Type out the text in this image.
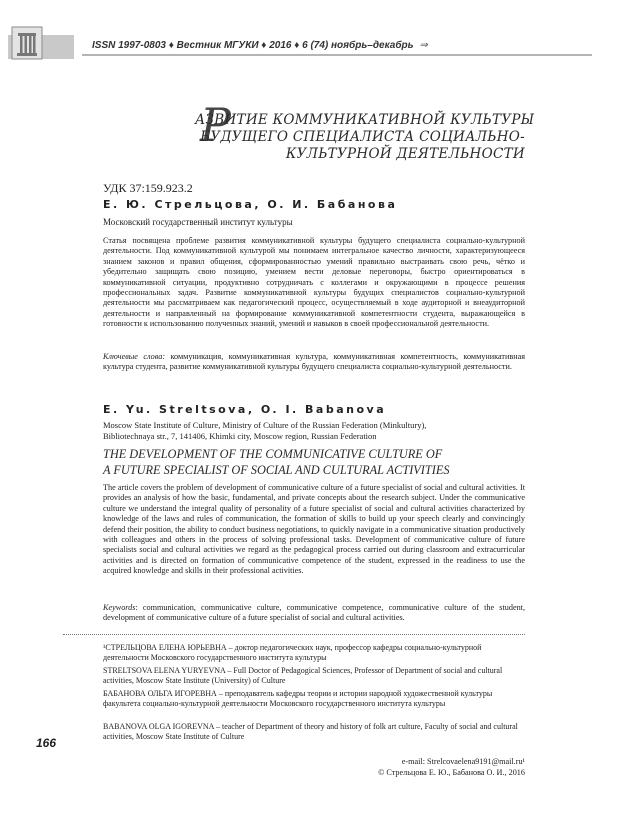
ISSN 1997-0803 ♦ Вестник МГУКИ ♦ 2016 ♦ 6 (74) ноябрь–декабрь ⇒
Р
АЗВИТИЕ КОММУНИКАТИВНОЙ КУЛЬТУРЫ
БУДУЩЕГО СПЕЦИАЛИСТА СОЦИАЛЬНО-
КУЛЬТУРНОЙ ДЕЯТЕЛЬНОСТИ
УДК 37:159.923.2
Е. Ю. Стрельцова, О. И. Бабанова
Московский государственный институт культуры

Статья посвящена проблеме развития коммуникативной культуры будущего специалиста социально-культурной деятельности. Под коммуникативной культурой мы понимаем интегральное качество личности, характеризующееся знанием законов и правил общения, сформированностью умений правильно выстраивать свою речь, чётко и убедительно защищать свою позицию, умением вести деловые переговоры, быстро ориентироваться в коммуникативной ситуации, продуктивно сотрудничать с коллегами и окружающими в процессе решения профессиональных задач. Развитие коммуникативной культуры будущих специалистов социально-культурной деятельности мы рассматриваем как педагогический процесс, осуществляемый в ходе аудиторной и внеаудиторной деятельности и направленный на формирование коммуникативной компетентности студента, выражающейся в готовности к использованию полученных знаний, умений и навыков в своей профессиональной деятельности.

Ключевые слова: коммуникация, коммуникативная культура, коммуникативная компетентность, коммуникативная культура студента, развитие коммуникативной культуры будущего специалиста социально-культурной деятельности.

E. Yu. Streltsova, O. I. Babanova
Moscow State Institute of Culture, Ministry of Culture of the Russian Federation (Minkultury),
Bibliotechnaya str., 7, 141406, Khimki city, Moscow region, Russian Federation
THE DEVELOPMENT OF THE COMMUNICATIVE CULTURE OF
A FUTURE SPECIALIST OF SOCIAL AND CULTURAL ACTIVITIES

The article covers the problem of development of communicative culture of a future specialist of social and cultural activities. It provides an analysis of how the basic, fundamental, and private concepts about the research subject. Under the communicative culture we understand the integral quality of personality of a future specialist of social and cultural activities characterized by knowledge of the laws and rules of communication, the formation of skills to build up your speech clearly and convincingly defend their position, the ability to conduct business negotiations, to quickly navigate in a communicative situation productively with colleagues and others in the process of solving professional tasks. Development of communicative culture of future specialists social and cultural activities we regard as the pedagogical process carried out during classroom and extracurricular activities and is directed on formation of communicative competence of the student, expressed in the readiness to use the acquired knowledge and skills in their professional activities.

Keywords: communication, communicative culture, communicative competence, communicative culture of the student, development of communicative culture of a future specialist of social and cultural activities.

¹СТРЕЛЬЦОВА ЕЛЕНА ЮРЬЕВНА – доктор педагогических наук, профессор кафедры социально-культурной деятельности Московского государственного института культуры

STRELTSOVA ELENA YURYEVNA – Full Doctor of Pedagogical Sciences, Professor of Department of social and cultural activities, Moscow State Institute (University) of Culture

БАБАНОВА ОЛЬГА ИГОРЕВНА – преподаватель кафедры теории и истории народной художественной культуры факультета социально-культурной деятельности Московского государственного института культуры

BABANOVA OLGA IGOREVNA – teacher of Department of theory and history of folk art culture, Faculty of social and cultural activities, Moscow State Institute of Culture

166
e-mail: Strelcovaelena9191@mail.ru¹
© Стрельцова Е. Ю., Бабанова О. И., 2016
